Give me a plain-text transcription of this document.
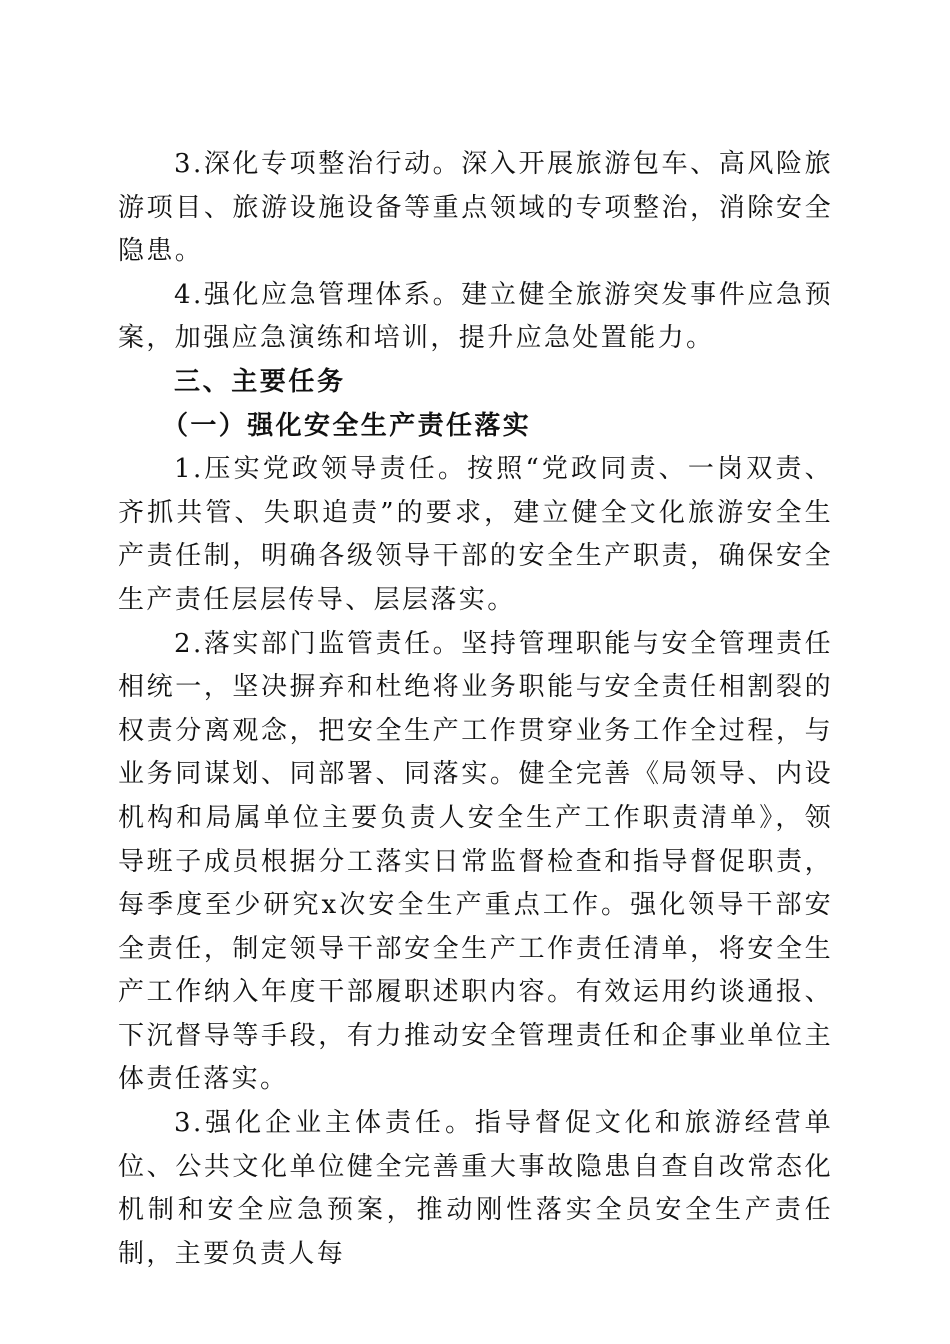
3.深化专项整治行动。深入开展旅游包车、高风险旅游项目、旅游设施设备等重点领域的专项整治，消除安全隐患。

4.强化应急管理体系。建立健全旅游突发事件应急预案，加强应急演练和培训，提升应急处置能力。

三、主要任务

（一）强化安全生产责任落实

1.压实党政领导责任。按照“党政同责、一岗双责、齐抓共管、失职追责”的要求，建立健全文化旅游安全生产责任制，明确各级领导干部的安全生产职责，确保安全生产责任层层传导、层层落实。

2.落实部门监管责任。坚持管理职能与安全管理责任相统一，坚决摒弃和杜绝将业务职能与安全责任相割裂的权责分离观念，把安全生产工作贯穿业务工作全过程，与业务同谋划、同部署、同落实。健全完善《局领导、内设机构和局属单位主要负责人安全生产工作职责清单》，领导班子成员根据分工落实日常监督检查和指导督促职责，每季度至少研究x次安全生产重点工作。强化领导干部安全责任，制定领导干部安全生产工作责任清单，将安全生产工作纳入年度干部履职述职内容。有效运用约谈通报、下沉督导等手段，有力推动安全管理责任和企事业单位主体责任落实。

3.强化企业主体责任。指导督促文化和旅游经营单位、公共文化单位健全完善重大事故隐患自查自改常态化机制和安全应急预案，推动刚性落实全员安全生产责任制，主要负责人每
